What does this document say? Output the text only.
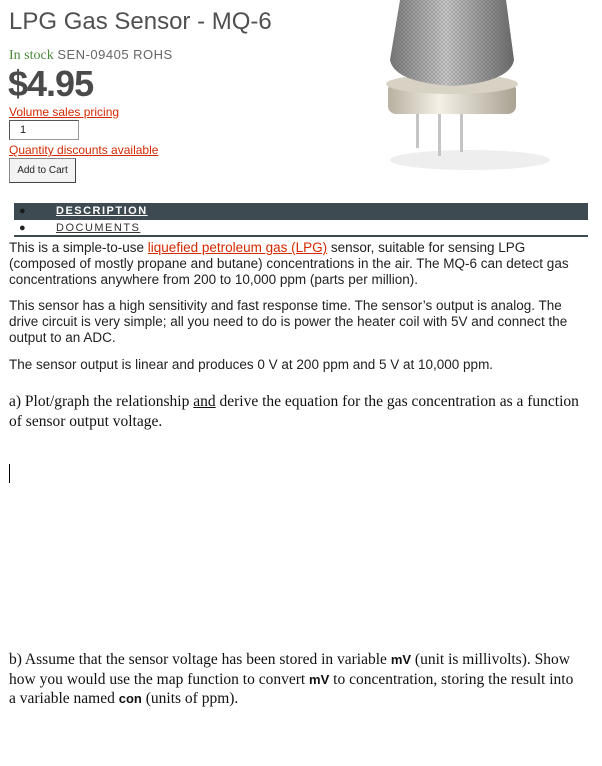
LPG Gas Sensor - MQ-6
In stock SEN-09405 ROHS
$4.95
Volume sales pricing
1
Quantity discounts available
Add to Cart
●	DESCRIPTION
●	DOCUMENTS

This is a simple-to-use liquefied petroleum gas (LPG) sensor, suitable for sensing LPG (composed of mostly propane and butane) concentrations in the air. The MQ-6 can detect gas concentrations anywhere from 200 to 10,000 ppm (parts per million).

This sensor has a high sensitivity and fast response time. The sensor’s output is analog. The drive circuit is very simple; all you need to do is power the heater coil with 5V and connect the output to an ADC.

The sensor output is linear and produces 0 V at 200 ppm and 5 V at 10,000 ppm.

a) Plot/graph the relationship and derive the equation for the gas concentration as a function of sensor output voltage.

b) Assume that the sensor voltage has been stored in variable mV (unit is millivolts). Show how you would use the map function to convert mV to concentration, storing the result into a variable named con (units of ppm).
